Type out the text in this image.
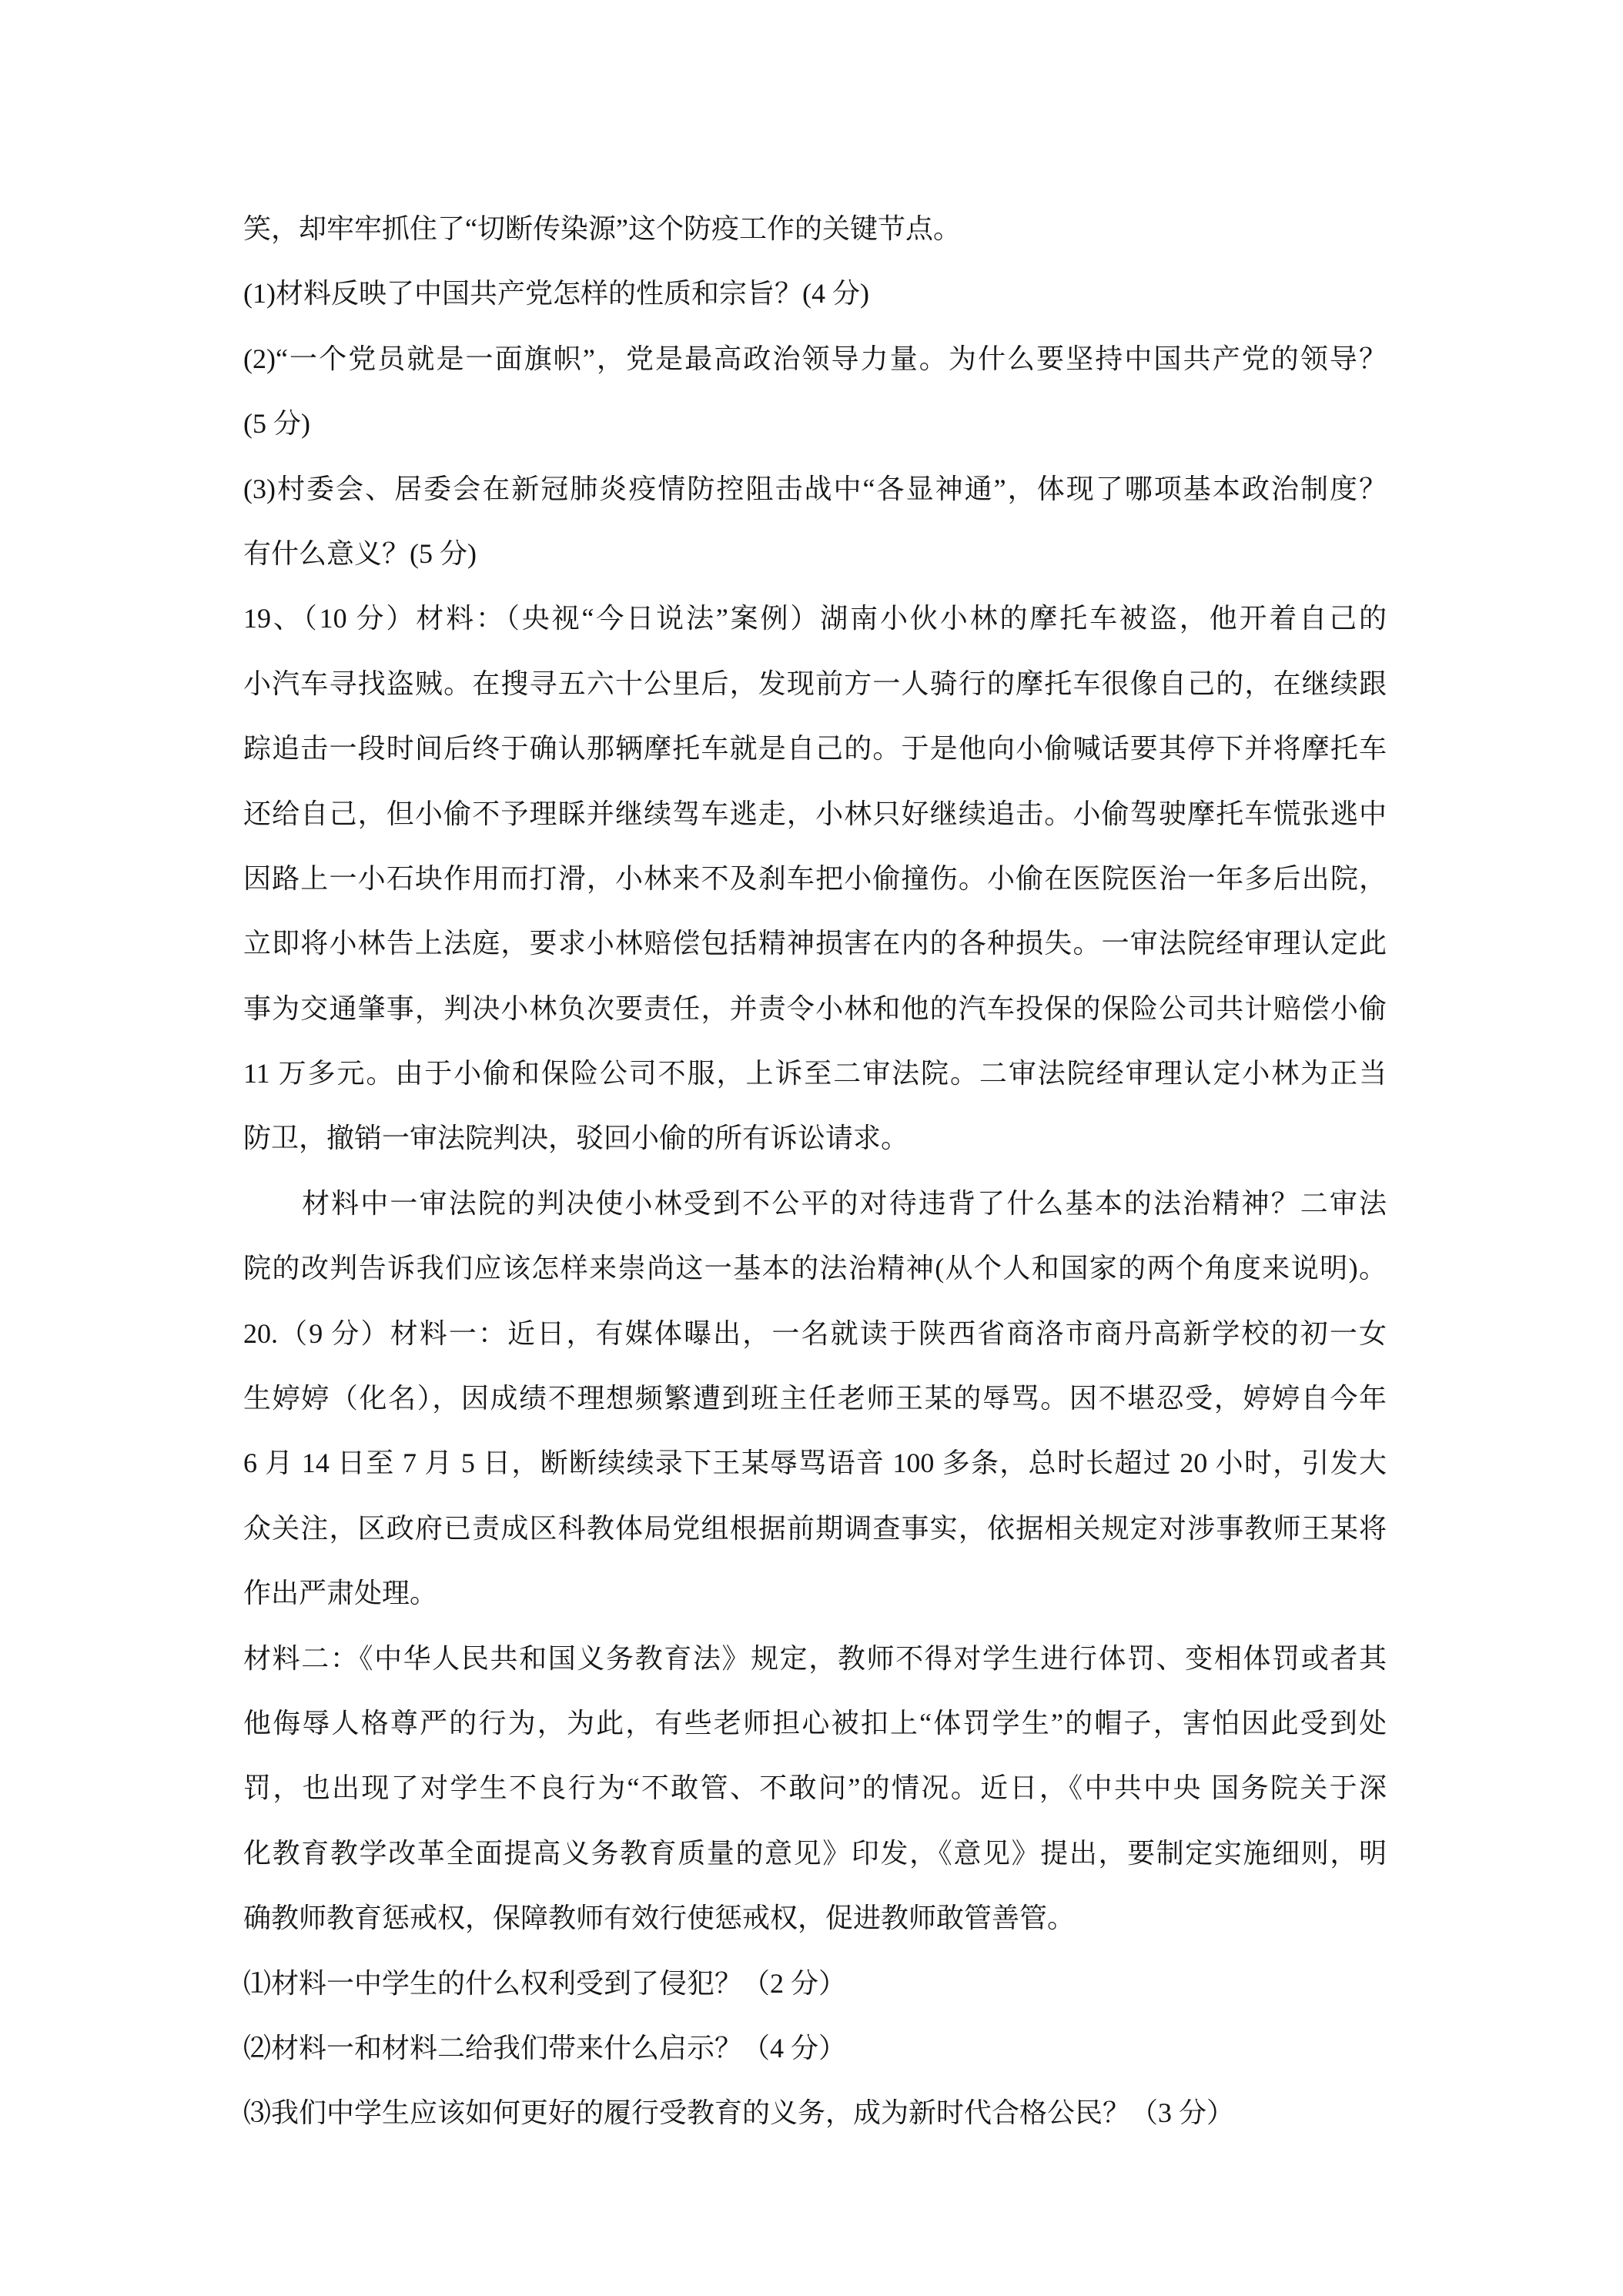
笑，却牢牢抓住了“切断传染源”这个防疫工作的关键节点。
(1)材料反映了中国共产党怎样的性质和宗旨？(4 分)
(2)“一个党员就是一面旗帜”，党是最高政治领导力量。为什么要坚持中国共产党的领导？
(5 分)
(3)村委会、居委会在新冠肺炎疫情防控阻击战中“各显神通”，体现了哪项基本政治制度？
有什么意义？(5 分)
19、（10 分）材料：（央视“今日说法”案例）湖南小伙小林的摩托车被盗，他开着自己的
小汽车寻找盗贼。在搜寻五六十公里后，发现前方一人骑行的摩托车很像自己的，在继续跟
踪追击一段时间后终于确认那辆摩托车就是自己的。于是他向小偷喊话要其停下并将摩托车
还给自己，但小偷不予理睬并继续驾车逃走，小林只好继续追击。小偷驾驶摩托车慌张逃中
因路上一小石块作用而打滑，小林来不及刹车把小偷撞伤。小偷在医院医治一年多后出院，
立即将小林告上法庭，要求小林赔偿包括精神损害在内的各种损失。一审法院经审理认定此
事为交通肇事，判决小林负次要责任，并责令小林和他的汽车投保的保险公司共计赔偿小偷
11 万多元。由于小偷和保险公司不服，上诉至二审法院。二审法院经审理认定小林为正当
防卫，撤销一审法院判决，驳回小偷的所有诉讼请求。
材料中一审法院的判决使小林受到不公平的对待违背了什么基本的法治精神？二审法
院的改判告诉我们应该怎样来崇尚这一基本的法治精神(从个人和国家的两个角度来说明)。
20.（9 分）材料一：近日，有媒体曝出，一名就读于陕西省商洛市商丹高新学校的初一女
生婷婷（化名），因成绩不理想频繁遭到班主任老师王某的辱骂。因不堪忍受，婷婷自今年
6 月 14 日至 7 月 5 日，断断续续录下王某辱骂语音 100 多条，总时长超过 20 小时，引发大
众关注，区政府已责成区科教体局党组根据前期调查事实，依据相关规定对涉事教师王某将
作出严肃处理。
材料二：《中华人民共和国义务教育法》规定，教师不得对学生进行体罚、变相体罚或者其
他侮辱人格尊严的行为，为此，有些老师担心被扣上“体罚学生”的帽子，害怕因此受到处
罚，也出现了对学生不良行为“不敢管、不敢问”的情况。近日，《中共中央 国务院关于深
化教育教学改革全面提高义务教育质量的意见》印发，《意见》提出，要制定实施细则，明
确教师教育惩戒权，保障教师有效行使惩戒权，促进教师敢管善管。
⑴材料一中学生的什么权利受到了侵犯？（2 分）
⑵材料一和材料二给我们带来什么启示？（4 分）
⑶我们中学生应该如何更好的履行受教育的义务，成为新时代合格公民？（3 分）
